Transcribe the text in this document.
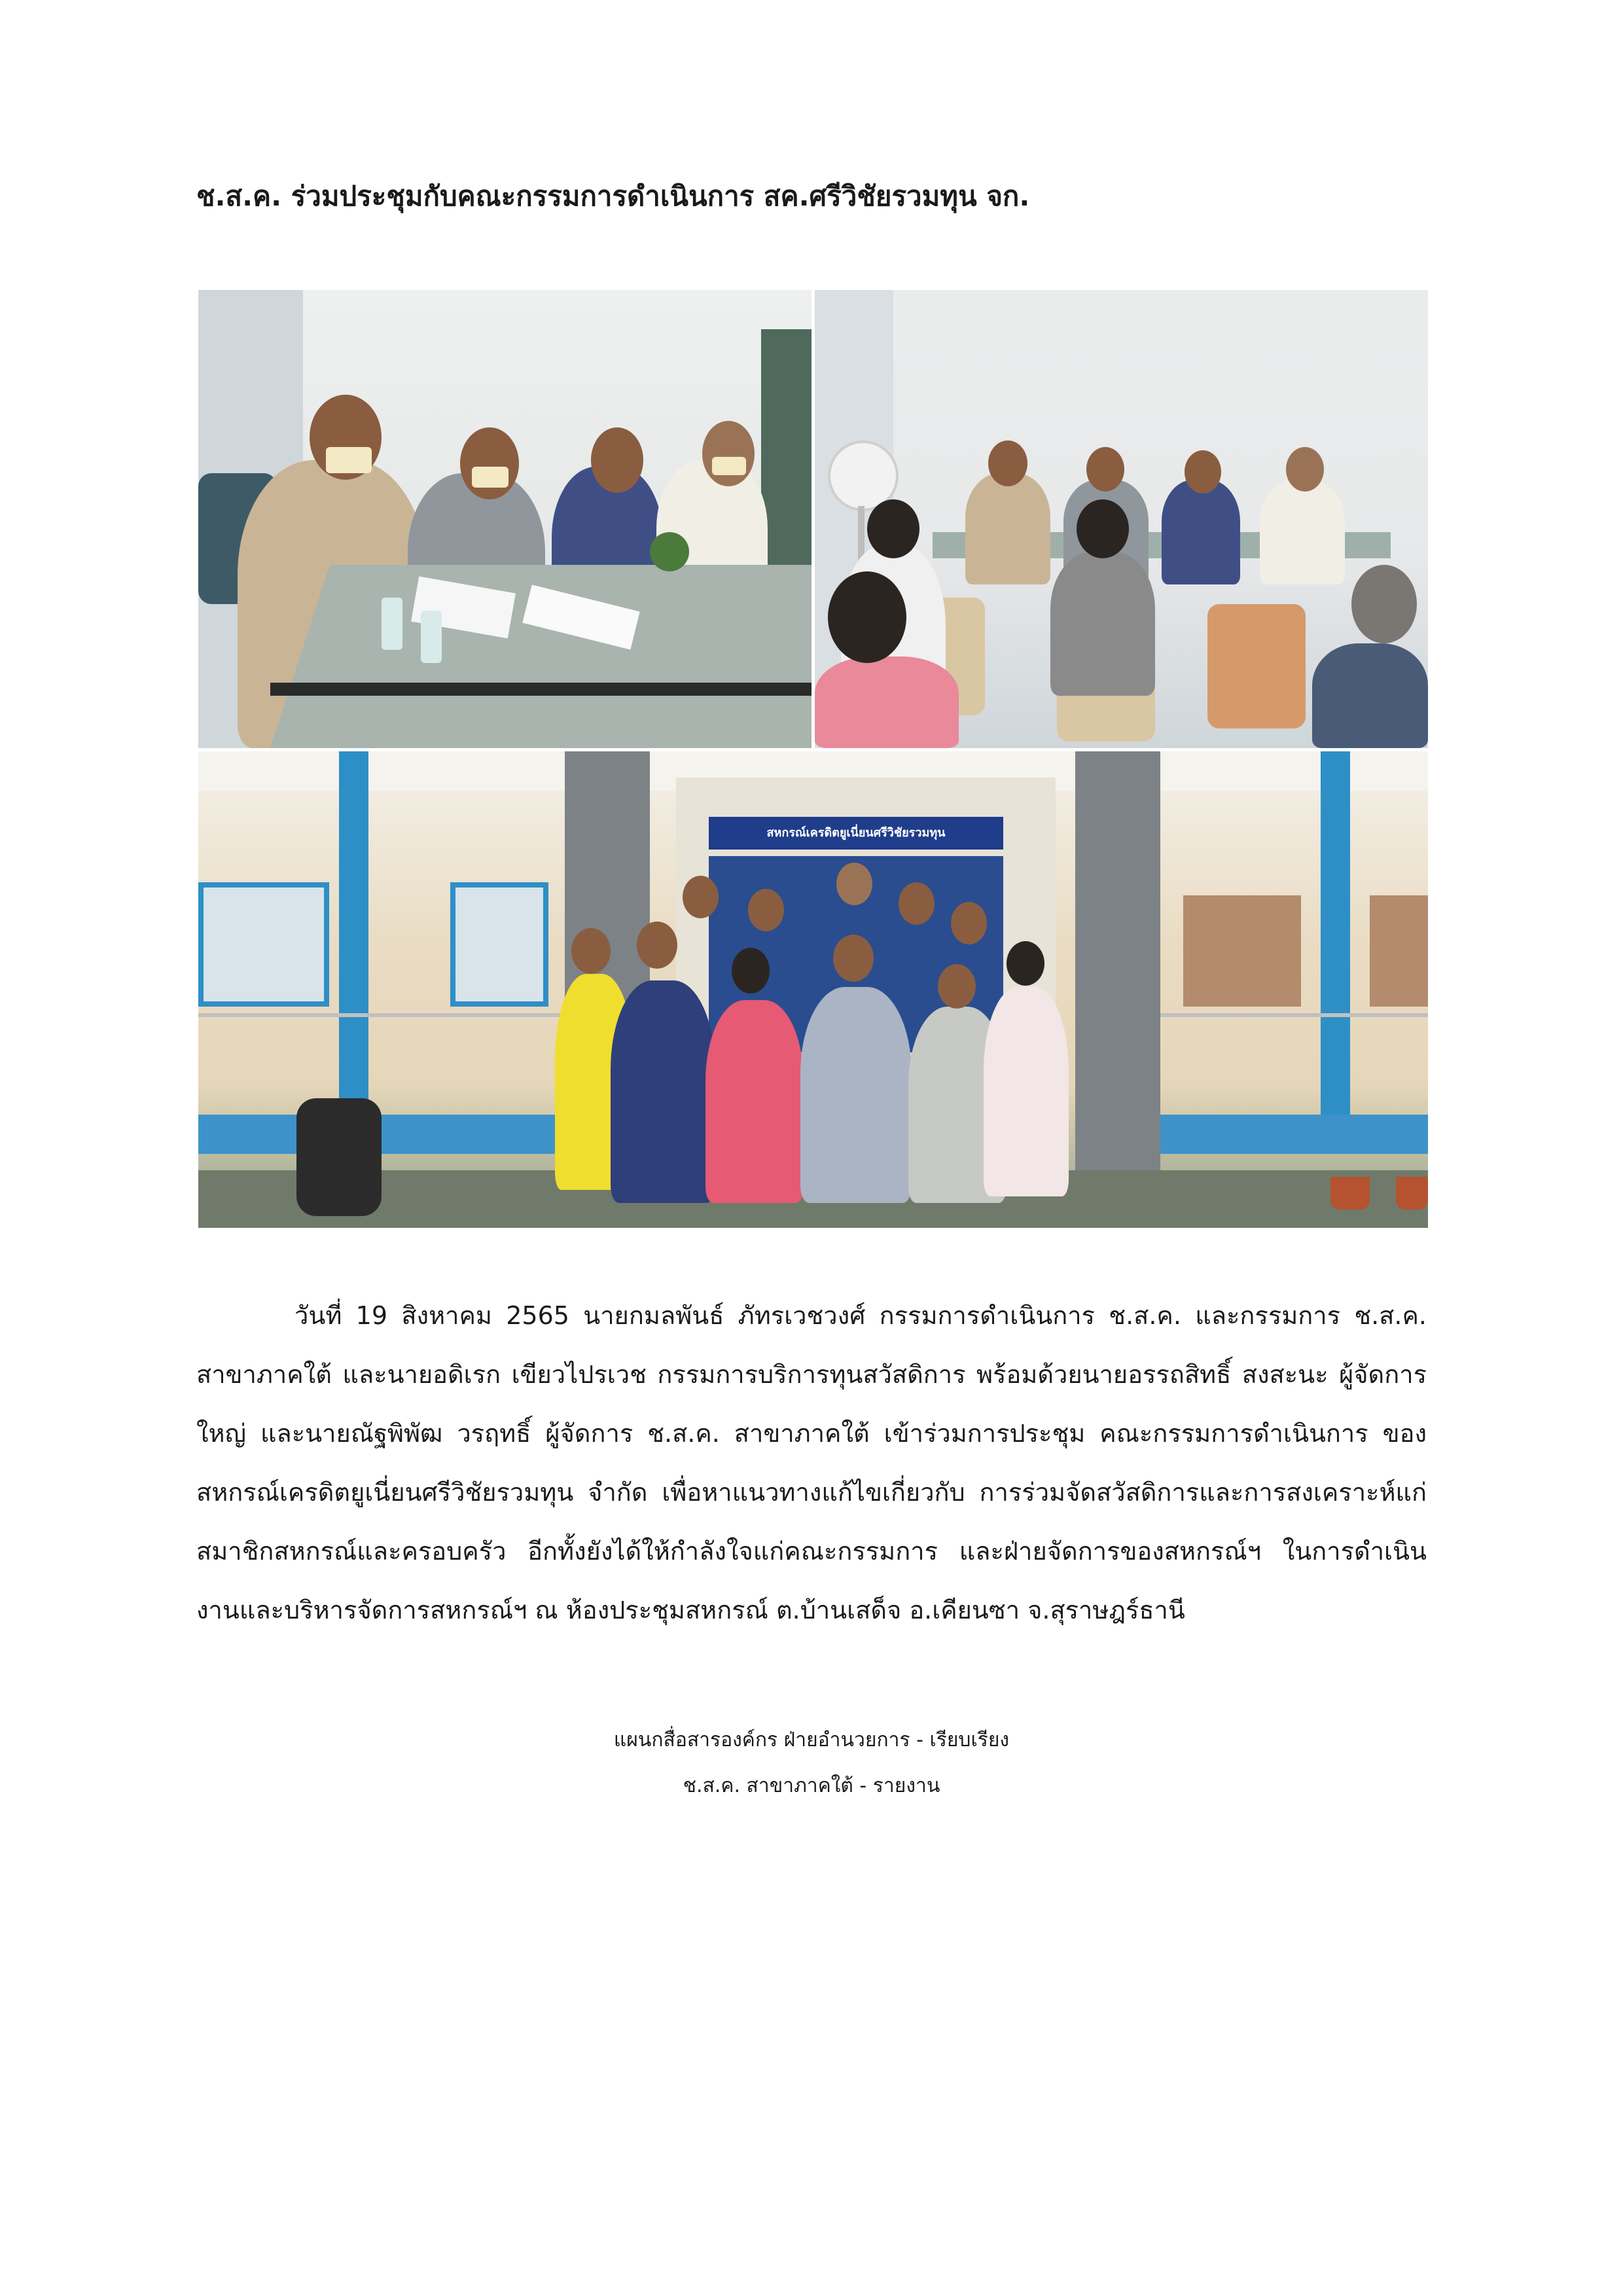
ช.ส.ค. ร่วมประชุมกับคณะกรรมการดำเนินการ สค.ศรีวิชัยรวมทุน จก.
สหกรณ์เครดิตยูเนี่ยนศรีวิชัยรวมทุน
วันที่ 19 สิงหาคม 2565 นายกมลพันธ์ ภัทรเวชวงศ์ กรรมการดำเนินการ ช.ส.ค. และกรรมการ ช.ส.ค. สาขาภาคใต้ และนายอดิเรก เขียวไปรเวช กรรมการบริการทุนสวัสดิการ พร้อมด้วยนายอรรถสิทธิ์ สงสะนะ ผู้จัดการใหญ่ และนายณัฐพิพัฒ วรฤทธิ์ ผู้จัดการ ช.ส.ค. สาขาภาคใต้ เข้าร่วมการประชุม คณะกรรมการดำเนินการ ของสหกรณ์เครดิตยูเนี่ยนศรีวิชัยรวมทุน จำกัด เพื่อหาแนวทางแก้ไขเกี่ยวกับ การร่วมจัดสวัสดิการและการสงเคราะห์แก่สมาชิกสหกรณ์และครอบครัว อีกทั้งยังได้ให้กำลังใจแก่คณะกรรมการ และฝ่ายจัดการของสหกรณ์ฯ ในการดำเนินงานและบริหารจัดการสหกรณ์ฯ ณ ห้องประชุมสหกรณ์ ต.บ้านเสด็จ อ.เคียนซา จ.สุราษฎร์ธานี
แผนกสื่อสารองค์กร ฝ่ายอำนวยการ - เรียบเรียง
ช.ส.ค. สาขาภาคใต้ - รายงาน
